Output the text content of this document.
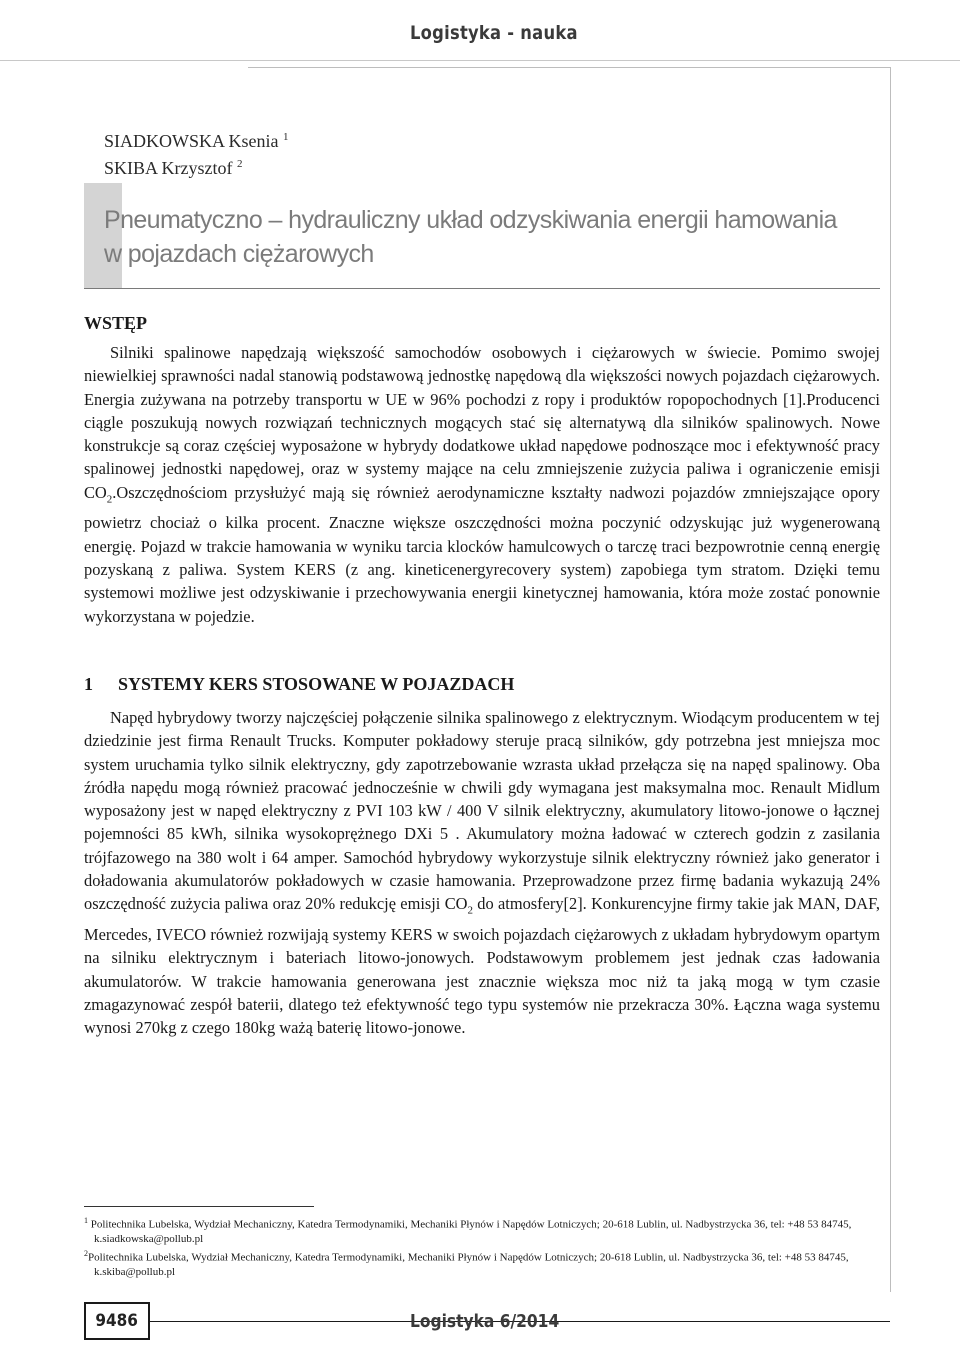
Logistyka - nauka
SIADKOWSKA Ksenia $^1$
SKIBA Krzysztof $^2$
Pneumatyczno – hydrauliczny układ odzyskiwania energii hamowania
w pojazdach ciężarowych
WSTĘP
Silniki spalinowe napędzają większość samochodów osobowych i ciężarowych w świecie. Pomimo swojej niewielkiej sprawności nadal stanowią podstawową jednostkę napędową dla większości nowych pojazdach ciężarowych. Energia zużywana na potrzeby transportu w UE w 96% pochodzi z ropy i produktów ropopochodnych [1].Producenci ciągle poszukują nowych rozwiązań technicznych mogących stać się alternatywą dla silników spalinowych. Nowe konstrukcje są coraz częściej wyposażone w hybrydy dodatkowe układ napędowe podnoszące moc i efektywność pracy spalinowej jednostki napędowej, oraz w systemy mające na celu zmniejszenie zużycia paliwa i ograniczenie emisji $CO_2.Oszczędnościom$ przysłużyć mają się również aerodynamiczne kształty nadwozi pojazdów zmniejszające opory powietrz chociaż o kilka procent. Znaczne większe oszczędności można poczynić odzyskując już wygenerowaną energię. Pojazd w trakcie hamowania w wyniku tarcia klocków hamulcowych o tarczę traci bezpowrotnie cenną energię pozyskaną z paliwa. System KERS (z ang. kineticenergyrecovery system) zapobiega tym stratom. Dzięki temu systemowi możliwe jest odzyskiwanie i przechowywania energii kinetycznej hamowania, która może zostać ponownie wykorzystana w pojedzie.
1 SYSTEMY KERS STOSOWANE W POJAZDACH
Napęd hybrydowy tworzy najczęściej połączenie silnika spalinowego z elektrycznym. Wiodącym producentem w tej dziedzinie jest firma Renault Trucks. Komputer pokładowy steruje pracą silników, gdy potrzebna jest mniejsza moc system uruchamia tylko silnik elektryczny, gdy zapotrzebowanie wzrasta układ przełącza się na napęd spalinowy. Oba źródła napędu mogą również pracować jednocześnie w chwili gdy wymagana jest maksymalna moc. Renault Midlum wyposażony jest w napęd elektryczny z PVI 103 kW / 400 V silnik elektryczny, akumulatory litowo-jonowe o łącznej pojemności 85 kWh, silnika wysokoprężnego DXi 5 . Akumulatory można ładować w czterech godzin z zasilania trójfazowego na 380 wolt i 64 amper. Samochód hybrydowy wykorzystuje silnik elektryczny również jako generator i doładowania akumulatorów pokładowych w czasie hamowania. Przeprowadzone przez firmę badania wykazują 24% oszczędność zużycia paliwa oraz 20% redukcję emisji $CO_2$ do atmosfery[2]. Konkurencyjne firmy takie jak MAN, DAF, Mercedes, IVECO również rozwijają systemy KERS w swoich pojazdach ciężarowych z układam hybrydowym opartym na silniku elektrycznym i bateriach litowo-jonowych. Podstawowym problemem jest jednak czas ładowania akumulatorów. W trakcie hamowania generowana jest znacznie większa moc niż ta jaką mogą w tym czasie zmagazynować zespół baterii, dlatego też efektywność tego typu systemów nie przekracza 30%. Łączna waga systemu wynosi 270kg z czego 180kg ważą baterię litowo-jonowe.
$^1$ Politechnika Lubelska, Wydział Mechaniczny, Katedra Termodynamiki, Mechaniki Płynów i Napędów Lotniczych; 20-618 Lublin, ul. Nadbystrzycka 36, tel: +48 53 84745, k.siadkowska@pollub.pl
$^2$Politechnika Lubelska, Wydział Mechaniczny, Katedra Termodynamiki, Mechaniki Płynów i Napędów Lotniczych; 20-618 Lublin, ul. Nadbystrzycka 36, tel: +48 53 84745, k.skiba@pollub.pl
9486	Logistyka 6/2014
